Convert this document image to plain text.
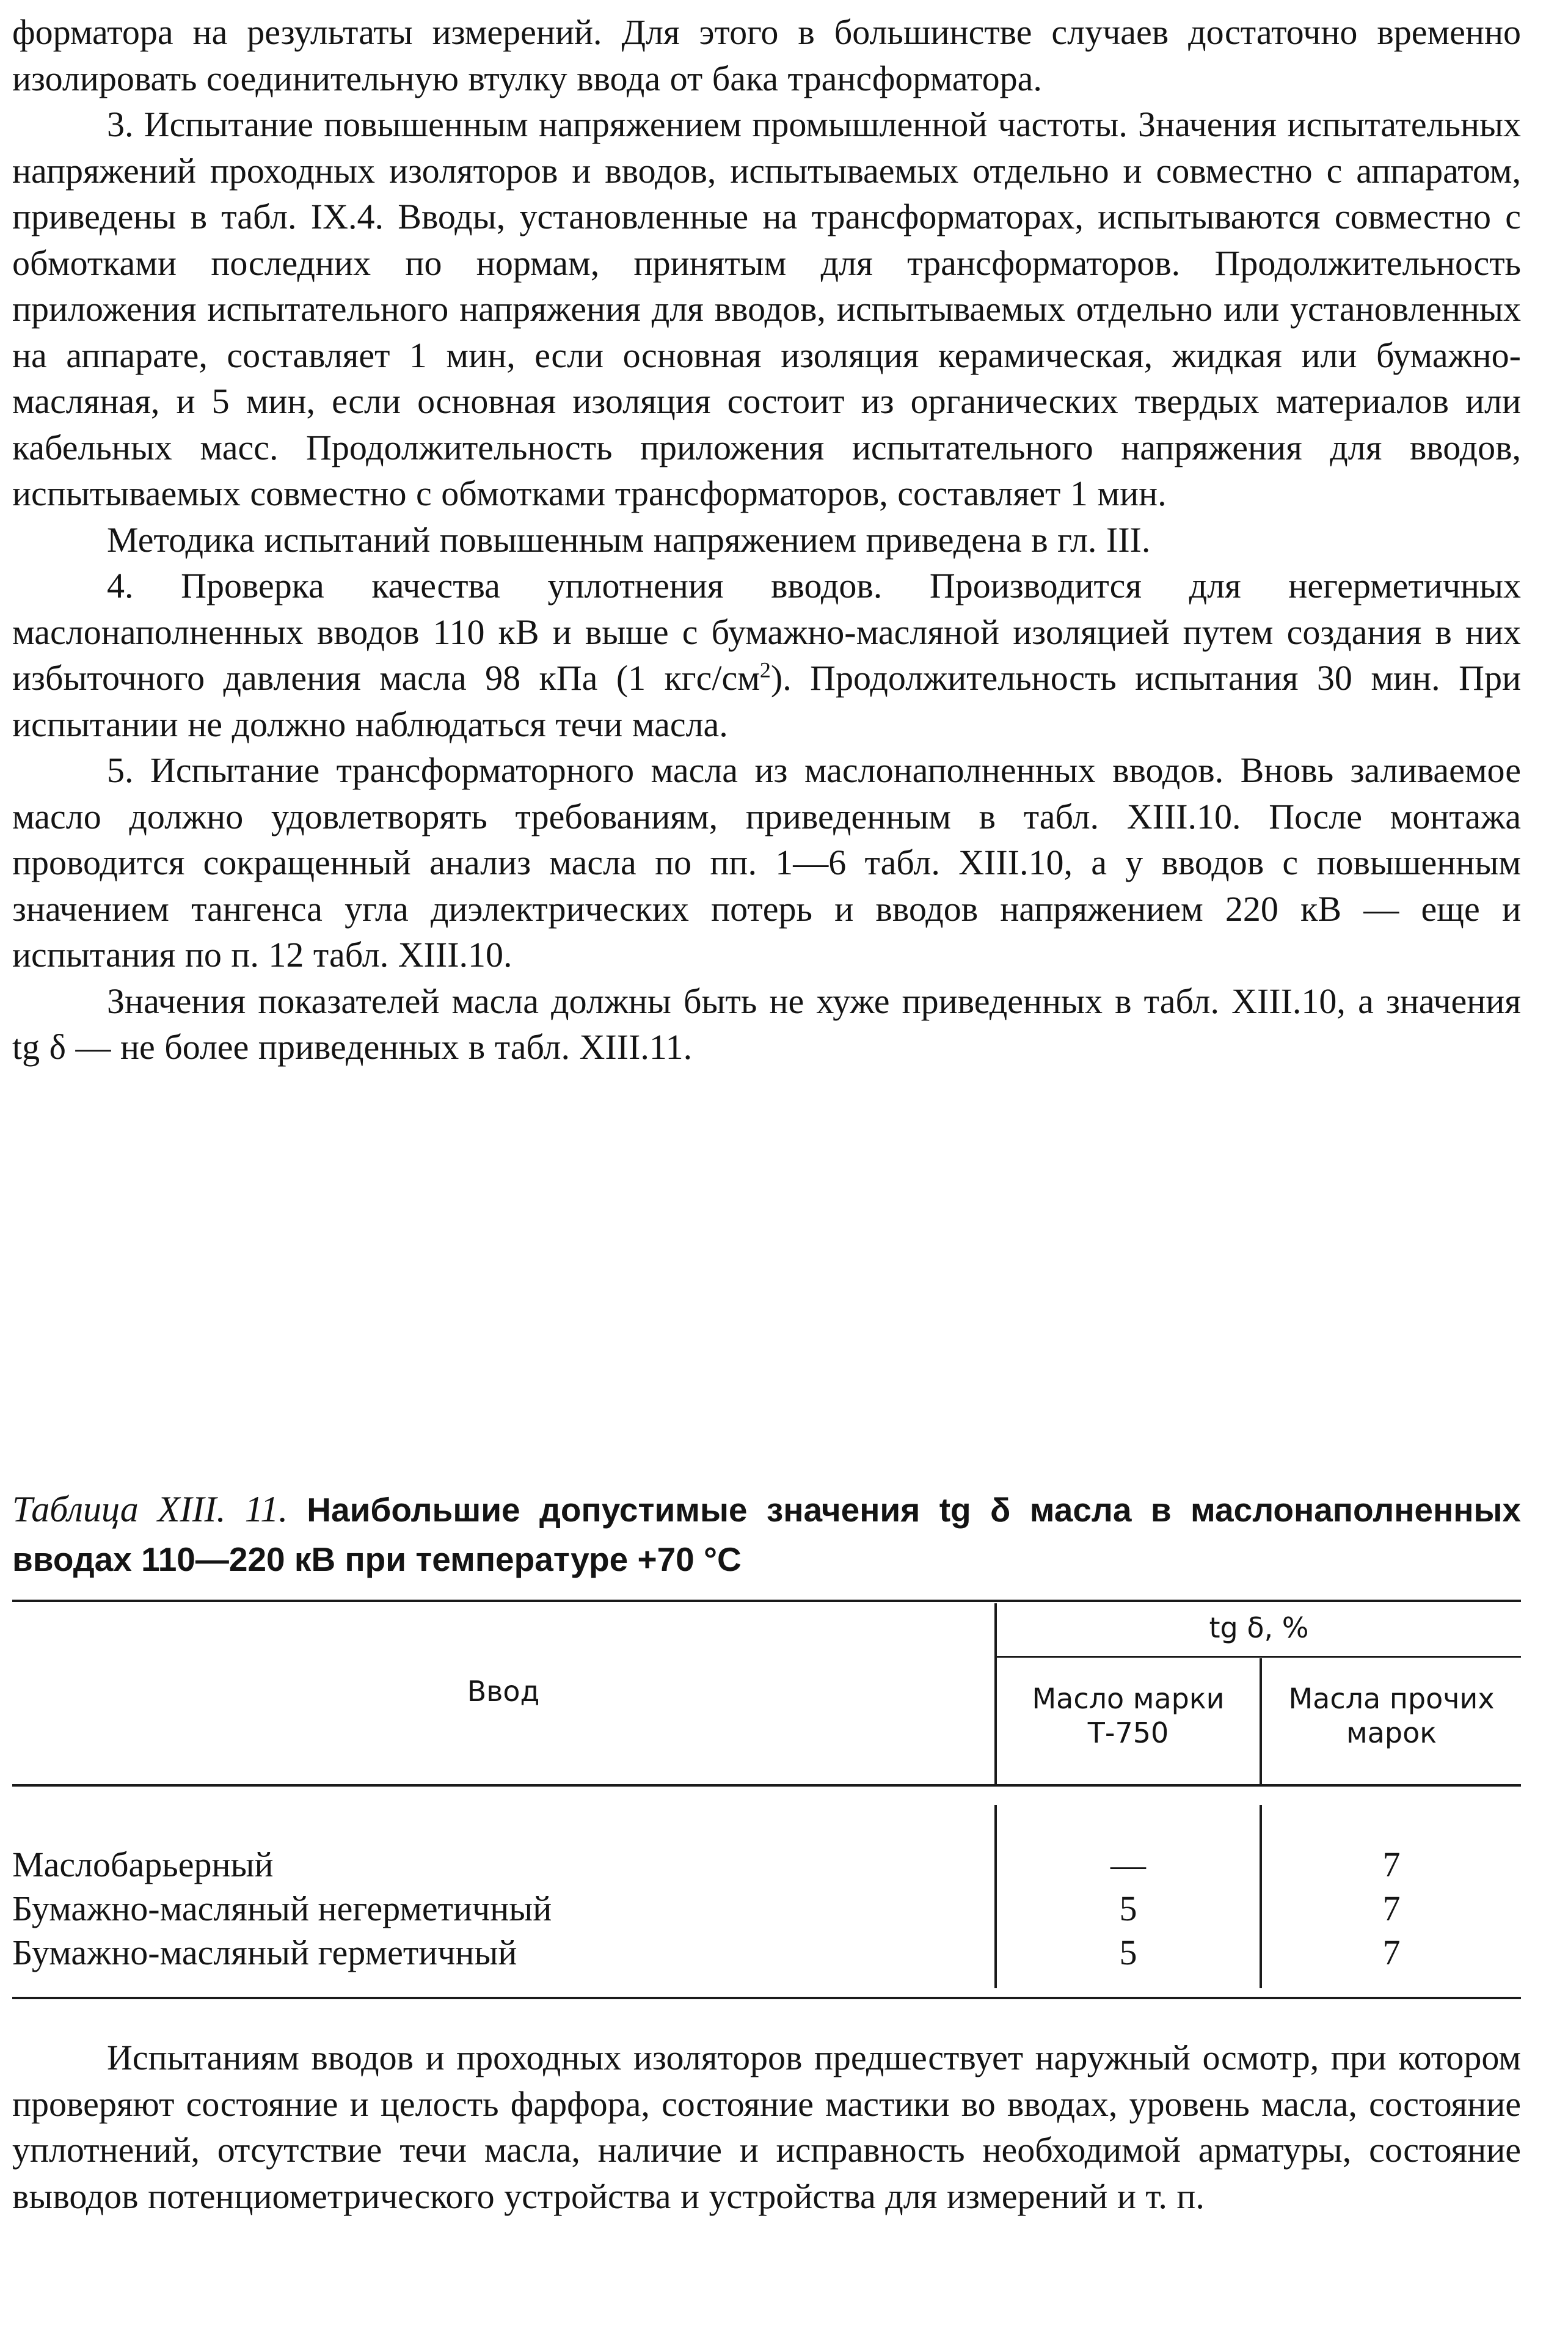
форматора на результаты измерений. Для этого в большинстве случаев достаточно временно изолировать соединительную втулку ввода от бака трансформатора.

3. Испытание повышенным напряжением промышленной частоты. Значения испытательных напряжений проходных изоляторов и вводов, испытываемых отдельно и совместно с аппаратом, приведены в табл. IX.4. Вводы, установленные на трансформаторах, испытываются совместно с обмотками последних по нормам, принятым для трансформаторов. Продолжительность приложения испытательного напряжения для вводов, испытываемых отдельно или установленных на аппарате, составляет 1 мин, если основная изоляция керамическая, жидкая или бумажно-масляная, и 5 мин, если основная изоляция состоит из органических твердых материалов или кабельных масс. Продолжительность приложения испытательного напряжения для вводов, испытываемых совместно с обмотками трансформаторов, составляет 1 мин.

Методика испытаний повышенным напряжением приведена в гл. III.

4. Проверка качества уплотнения вводов. Производится для негерметичных маслонаполненных вводов 110 кВ и выше с бумажно-масляной изоляцией путем создания в них избыточного давления масла 98 кПа (1 кгс/$см^2$). Продолжительность испытания 30 мин. При испытании не должно наблюдаться течи масла.

5. Испытание трансформаторного масла из маслонаполненных вводов. Вновь заливаемое масло должно удовлетворять требованиям, приведенным в табл. XIII.10. После монтажа проводится сокращенный анализ масла по пп. 1—6 табл. XIII.10, а у вводов с повышенным значением тангенса угла диэлектрических потерь и вводов напряжением 220 кВ — еще и испытания по п. 12 табл. XIII.10.

Значения показателей масла должны быть не хуже приведенных в табл. XIII.10, а значения tg δ — не более приведенных в табл. XIII.11.

Таблица XIII. 11. Наибольшие допустимые значения tg δ масла в маслонаполненных вводах 110—220 кВ при температуре +70 °C

Ввод
tg δ, %
Масло марки Т-750
Масла прочих марок
Маслобарьерный	—	7
Бумажно-масляный негерметичный	5	7
Бумажно-масляный герметичный	5	7

Испытаниям вводов и проходных изоляторов предшествует наружный осмотр, при котором проверяют состояние и целость фарфора, состояние мастики во вводах, уровень масла, состояние уплотнений, отсутствие течи масла, наличие и исправность необходимой арматуры, состояние выводов потенциометрического устройства и устройства для измерений и т. п.
